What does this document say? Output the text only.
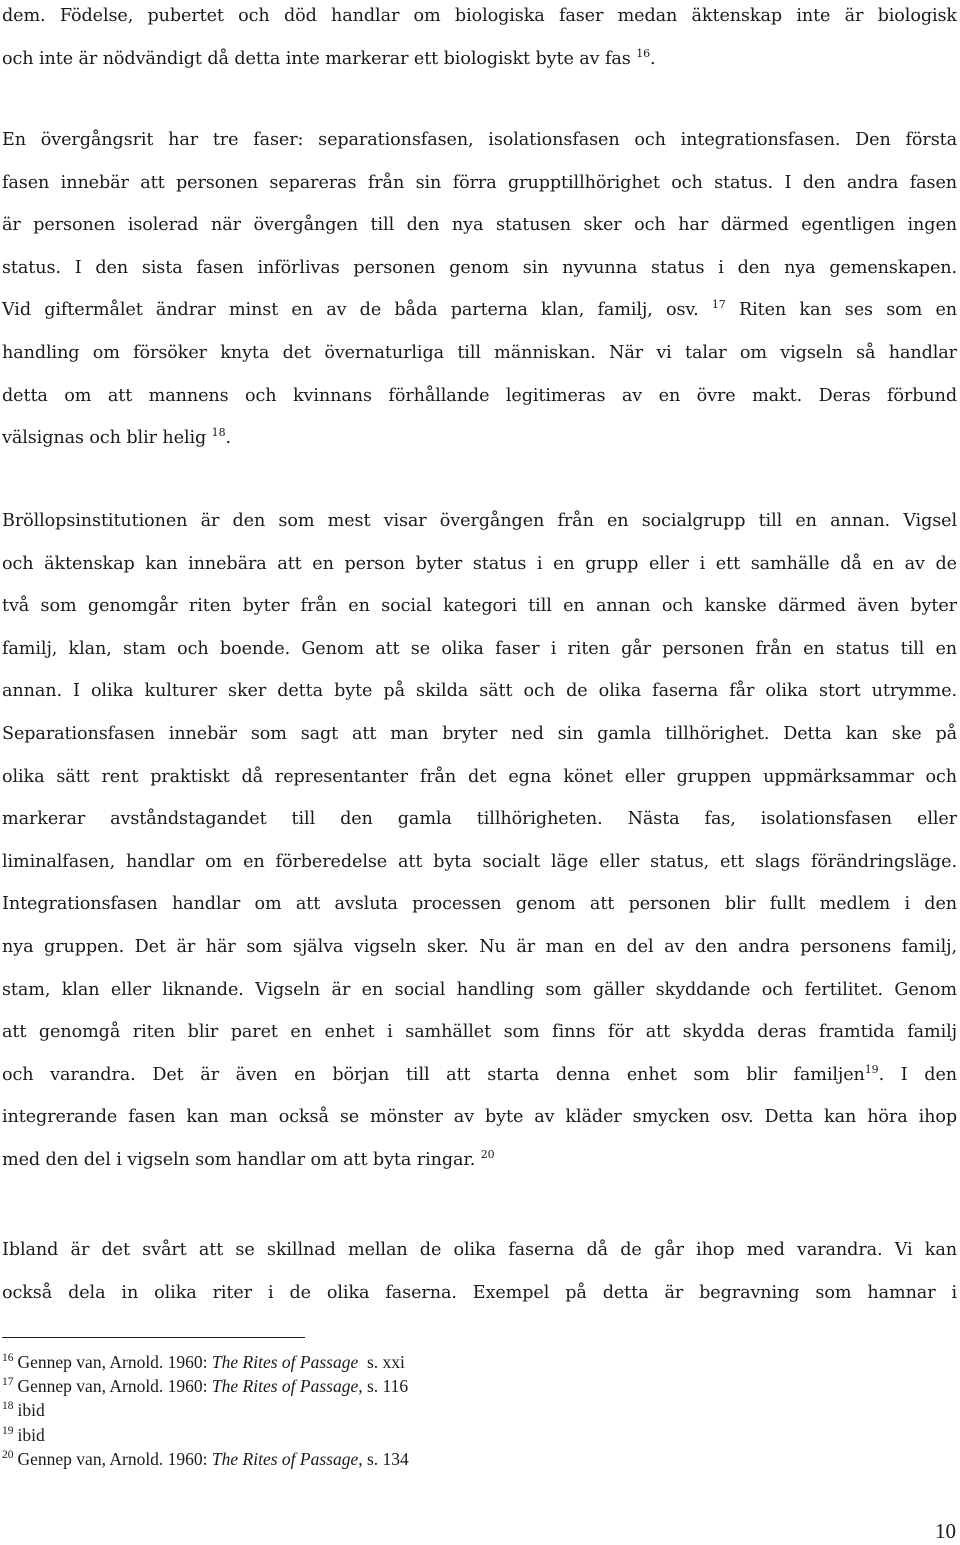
dem. Födelse, pubertet och död handlar om biologiska faser medan äktenskap inte är biologisk
och inte är nödvändigt då detta inte markerar ett biologiskt byte av fas $^{16}$.
En övergångsrit har tre faser: separationsfasen, isolationsfasen och integrationsfasen. Den första
fasen innebär att personen separeras från sin förra grupptillhörighet och status. I den andra fasen
är personen isolerad när övergången till den nya statusen sker och har därmed egentligen ingen
status. I den sista fasen införlivas personen genom sin nyvunna status i den nya gemenskapen.
Vid giftermålet ändrar minst en av de båda parterna klan, familj, osv. $^{17}$ Riten kan ses som en
handling om försöker knyta det övernaturliga till människan. När vi talar om vigseln så handlar
detta om att mannens och kvinnans förhållande legitimeras av en övre makt. Deras förbund
välsignas och blir helig $^{18}$.
Bröllopsinstitutionen är den som mest visar övergången från en socialgrupp till en annan. Vigsel
och äktenskap kan innebära att en person byter status i en grupp eller i ett samhälle då en av de
två som genomgår riten byter från en social kategori till en annan och kanske därmed även byter
familj, klan, stam och boende. Genom att se olika faser i riten går personen från en status till en
annan. I olika kulturer sker detta byte på skilda sätt och de olika faserna får olika stort utrymme.
Separationsfasen innebär som sagt att man bryter ned sin gamla tillhörighet. Detta kan ske på
olika sätt rent praktiskt då representanter från det egna könet eller gruppen uppmärksammar och
markerar avståndstagandet till den gamla tillhörigheten. Nästa fas, isolationsfasen eller
liminalfasen, handlar om en förberedelse att byta socialt läge eller status, ett slags förändringsläge.
Integrationsfasen handlar om att avsluta processen genom att personen blir fullt medlem i den
nya gruppen. Det är här som själva vigseln sker. Nu är man en del av den andra personens familj,
stam, klan eller liknande. Vigseln är en social handling som gäller skyddande och fertilitet. Genom
att genomgå riten blir paret en enhet i samhället som finns för att skydda deras framtida familj
och varandra. Det är även en början till att starta denna enhet som blir familjen$^{19}$. I den
integrerande fasen kan man också se mönster av byte av kläder smycken osv. Detta kan höra ihop
med den del i vigseln som handlar om att byta ringar. $^{20}$
Ibland är det svårt att se skillnad mellan de olika faserna då de går ihop med varandra. Vi kan
också dela in olika riter i de olika faserna. Exempel på detta är begravning som hamnar i
$^{16}$ Gennep van, Arnold. 1960: The Rites of Passage  s. xxi
$^{17}$ Gennep van, Arnold. 1960: The Rites of Passage, s. 116
$^{18}$ ibid
$^{19}$ ibid
$^{20}$ Gennep van, Arnold. 1960: The Rites of Passage, s. 134
10
